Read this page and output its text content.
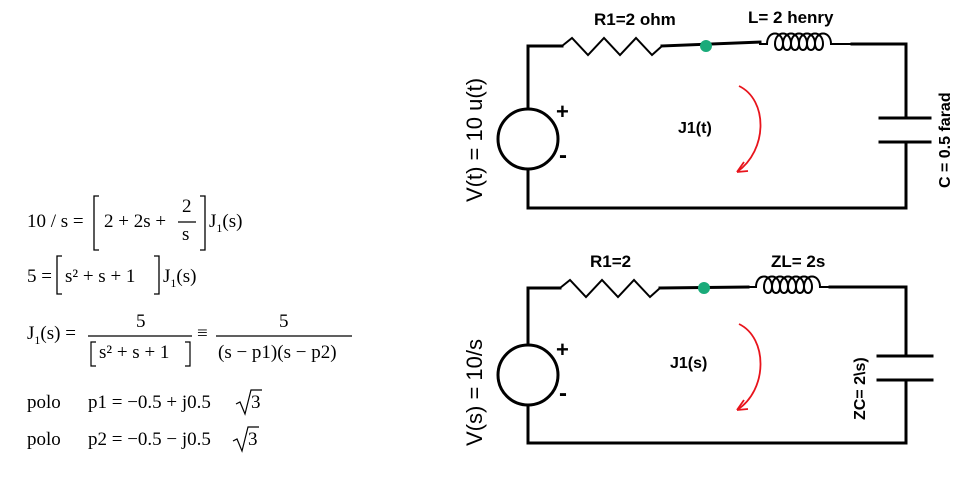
10 / s = 2 + 2s +
2
s
$J_1(s)$
5 = s² + s + 1 $J_1(s)$
$J_1(s)$ =
5
s² + s + 1
≡
5
(s − p1)(s − p2)
polo p1 = −0.5 + j0.5 3
polo p2 = −0.5 − j0.5 3
R1=2 ohm	L= 2 henry
C = 0.5 farad
V(t) = 10 u(t)	+
-
J1(t)
R1=2	ZL= 2s
ZC= 2\s)
V(s) = 10/s	+
-
J1(s)
